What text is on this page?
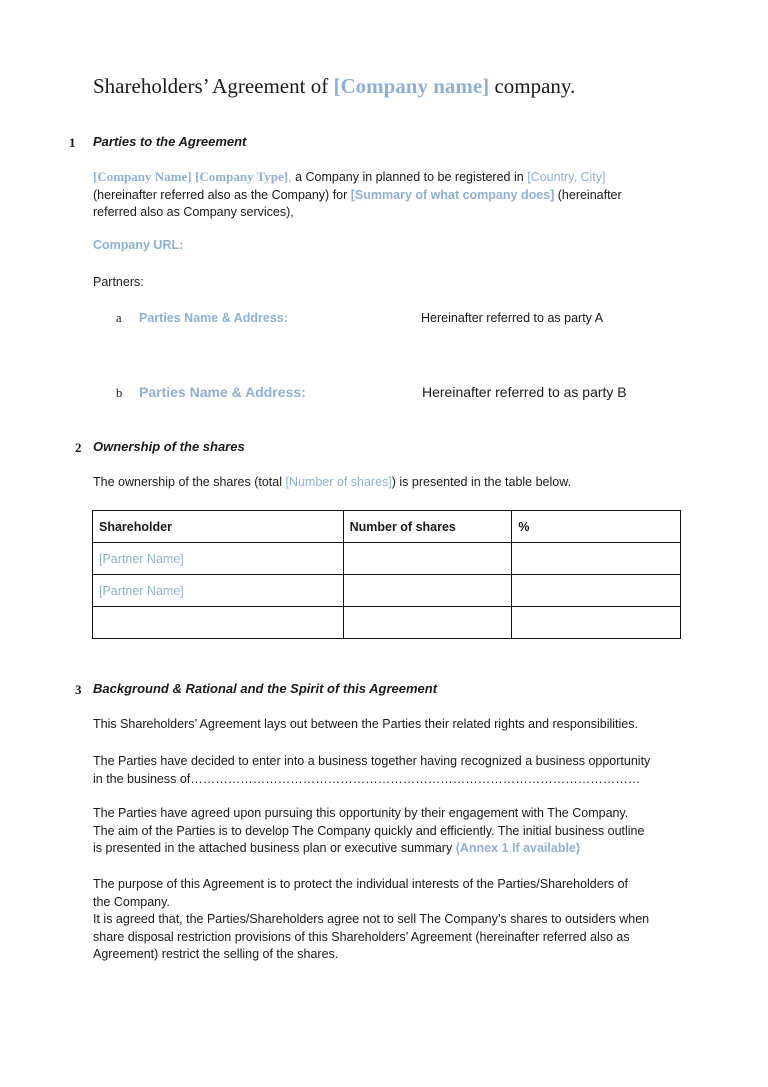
Shareholders’ Agreement of [Company name] company.
1 Parties to the Agreement
[Company Name] [Company Type], a Company in planned to be registered in [Country, City]
(hereinafter referred also as the Company) for [Summary of what company does] (hereinafter
referred also as Company services),
Company URL:
Partners:
a Parties Name & Address:	Hereinafter referred to as party A
b Parties Name & Address:	Hereinafter referred to as party B
2 Ownership of the shares
The ownership of the shares (total [Number of shares]) is presented in the table below.
Shareholder	Number of shares	%
[Partner Name]		
[Partner Name]		

3 Background & Rational and the Spirit of this Agreement
This Shareholders’ Agreement lays out between the Parties their related rights and responsibilities.
The Parties have decided to enter into a business together having recognized a business opportunity
in the business of………………………………………………………………………………………………
The Parties have agreed upon pursuing this opportunity by their engagement with The Company.
The aim of the Parties is to develop The Company quickly and efficiently. The initial business outline
is presented in the attached business plan or executive summary (Annex 1 If available)
The purpose of this Agreement is to protect the individual interests of the Parties/Shareholders of
the Company.
It is agreed that, the Parties/Shareholders agree not to sell The Company’s shares to outsiders when
share disposal restriction provisions of this Shareholders’ Agreement (hereinafter referred also as
Agreement) restrict the selling of the shares.
